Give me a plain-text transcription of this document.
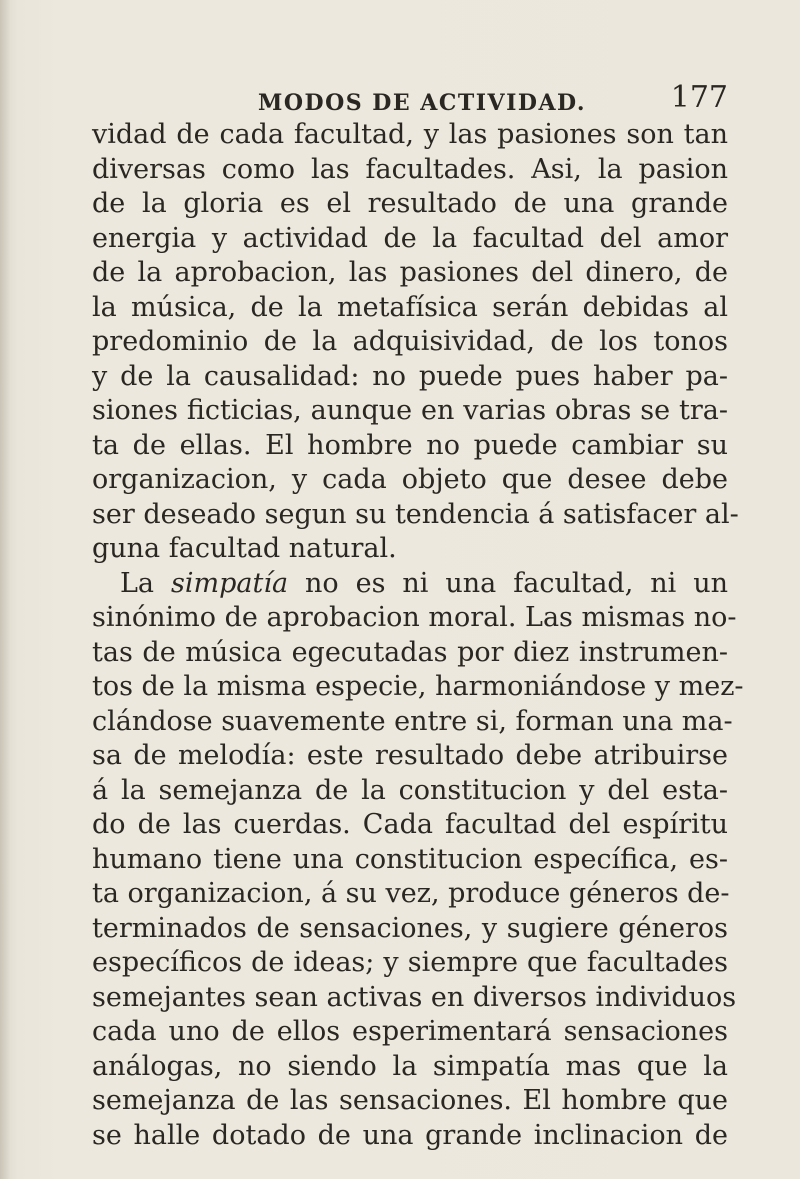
MODOS DE ACTIVIDAD.	177
vidad de cada facultad, y las pasiones son tan
diversas como las facultades. Asi, la pasion
de la gloria es el resultado de una grande
energia y actividad de la facultad del amor
de la aprobacion, las pasiones del dinero, de
la música, de la metafísica serán debidas al
predominio de la adquisividad, de los tonos
y de la causalidad: no puede pues haber pa-
siones ficticias, aunque en varias obras se tra-
ta de ellas. El hombre no puede cambiar su
organizacion, y cada objeto que desee debe
ser deseado segun su tendencia á satisfacer al-
guna facultad natural.
La simpatía no es ni una facultad, ni un
sinónimo de aprobacion moral. Las mismas no-
tas de música egecutadas por diez instrumen-
tos de la misma especie, harmoniándose y mez-
clándose suavemente entre si, forman una ma-
sa de melodía: este resultado debe atribuirse
á la semejanza de la constitucion y del esta-
do de las cuerdas. Cada facultad del espíritu
humano tiene una constitucion específica, es-
ta organizacion, á su vez, produce géneros de-
terminados de sensaciones, y sugiere géneros
específicos de ideas; y siempre que facultades
semejantes sean activas en diversos individuos
cada uno de ellos esperimentará sensaciones
análogas, no siendo la simpatía mas que la
semejanza de las sensaciones. El hombre que
se halle dotado de una grande inclinacion de
